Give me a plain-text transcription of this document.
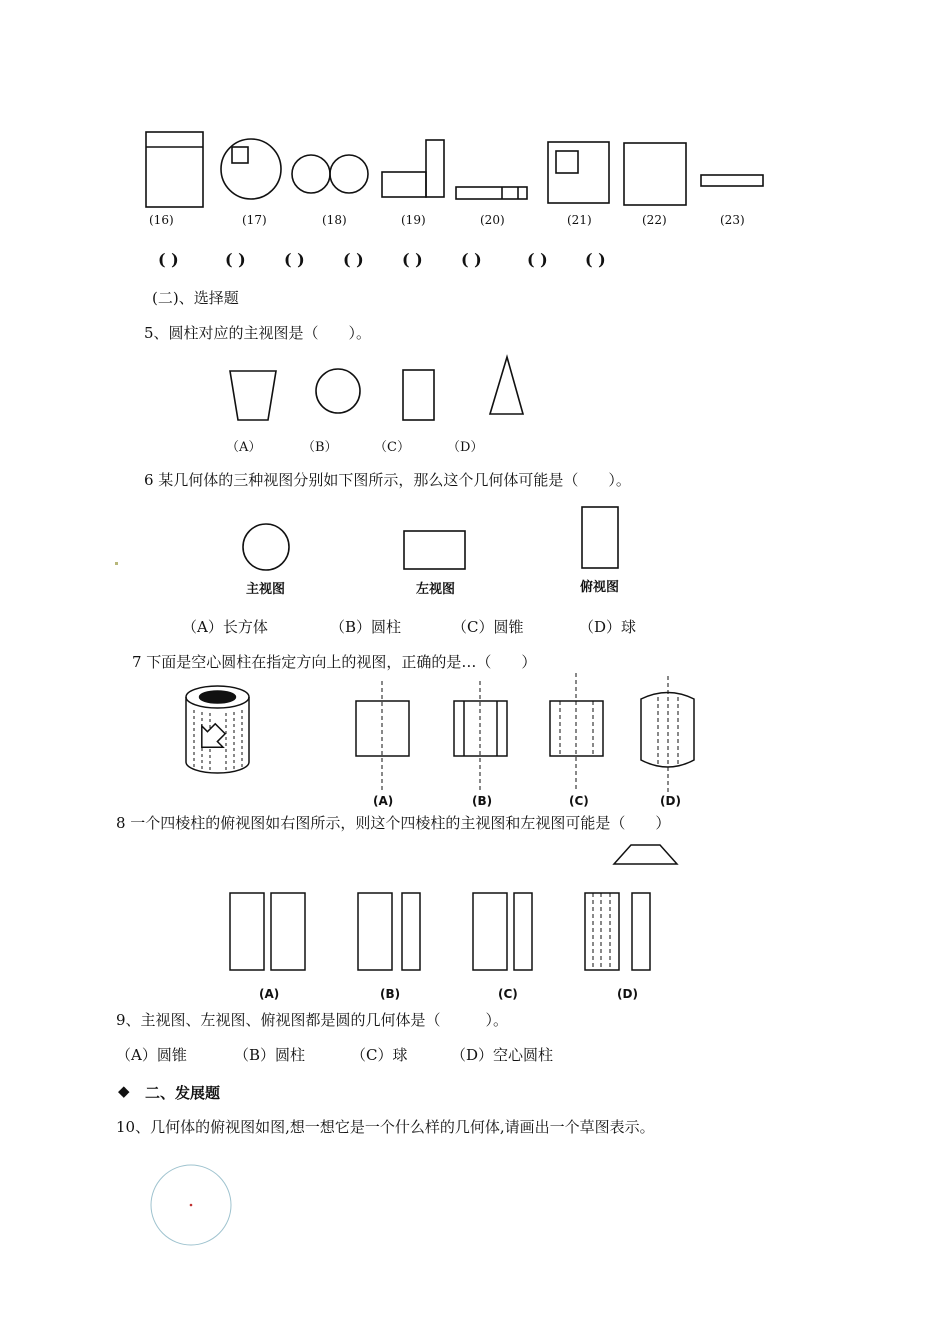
(16)	(17)	(18)	(19)	(20)	(21)	(22)	(23)
( )	( ) ( ) ( ) ( ) ( )	( ) ( )
(二)、选择题
5、圆柱对应的主视图是（　　）。
（A）	（B）	（C）	（D）
6 某几何体的三种视图分别如下图所示，那么这个几何体可能是（　　）。
主视图	左视图	俯视图
（A）长方体	（B）圆柱	（C）圆锥	（D）球
7 下面是空心圆柱在指定方向上的视图，正确的是…（　　）
(A)	(B)	(C)	(D)
8 一个四棱柱的俯视图如右图所示，则这个四棱柱的主视图和左视图可能是（　　）
(A)	(B)	(C)	(D)
9、主视图、左视图、俯视图都是圆的几何体是（　　　）。
（A）圆锥	（B）圆柱	（C）球	（D）空心圆柱
◆ 二、发展题
10、几何体的俯视图如图,想一想它是一个什么样的几何体,请画出一个草图表示。
